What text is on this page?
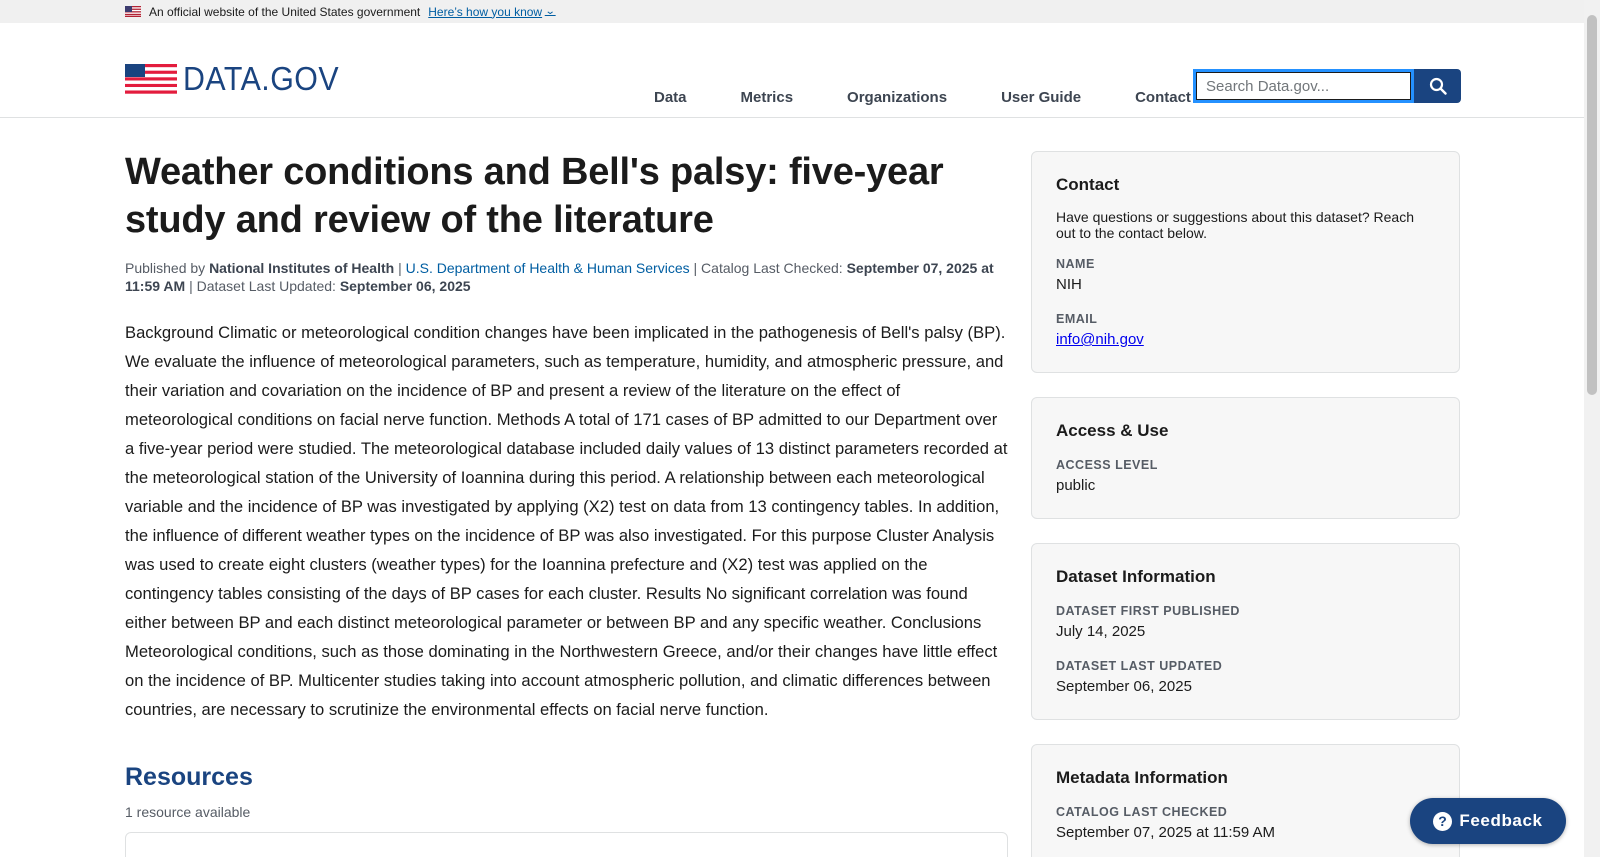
An official website of the United States government Here’s how you know ⌄
DATA.GOV	Data	Metrics	Organizations	User Guide	Contact
Search Data.gov...
Weather conditions and Bell's palsy: five-year study and review of the literature
Published by National Institutes of Health | U.S. Department of Health & Human Services | Catalog Last Checked: September 07, 2025 at 11:59 AM | Dataset Last Updated: September 06, 2025

Background Climatic or meteorological condition changes have been implicated in the pathogenesis of Bell's palsy (BP). We evaluate the influence of meteorological parameters, such as temperature, humidity, and atmospheric pressure, and their variation and covariation on the incidence of BP and present a review of the literature on the effect of meteorological conditions on facial nerve function. Methods A total of 171 cases of BP admitted to our Department over a five-year period were studied. The meteorological database included daily values of 13 distinct parameters recorded at the meteorological station of the University of Ioannina during this period. A relationship between each meteorological variable and the incidence of BP was investigated by applying (X2) test on data from 13 contingency tables. In addition, the influence of different weather types on the incidence of BP was also investigated. For this purpose Cluster Analysis was used to create eight clusters (weather types) for the Ioannina prefecture and (X2) test was applied on the contingency tables consisting of the days of BP cases for each cluster. Results No significant correlation was found either between BP and each distinct meteorological parameter or between BP and any specific weather. Conclusions Meteorological conditions, such as those dominating in the Northwestern Greece, and/or their changes have little effect on the incidence of BP. Multicenter studies taking into account atmospheric pollution, and climatic differences between countries, are necessary to scrutinize the environmental effects on facial nerve function.

Resources
1 resource available
Contact

Have questions or suggestions about this dataset? Reach out to the contact below.

NAME
NIH
EMAIL
info@nih.gov
Access & Use
ACCESS LEVEL
public
Dataset Information
DATASET FIRST PUBLISHED
July 14, 2025
DATASET LAST UPDATED
September 06, 2025
Metadata Information
CATALOG LAST CHECKED
September 07, 2025 at 11:59 AM
? Feedback
